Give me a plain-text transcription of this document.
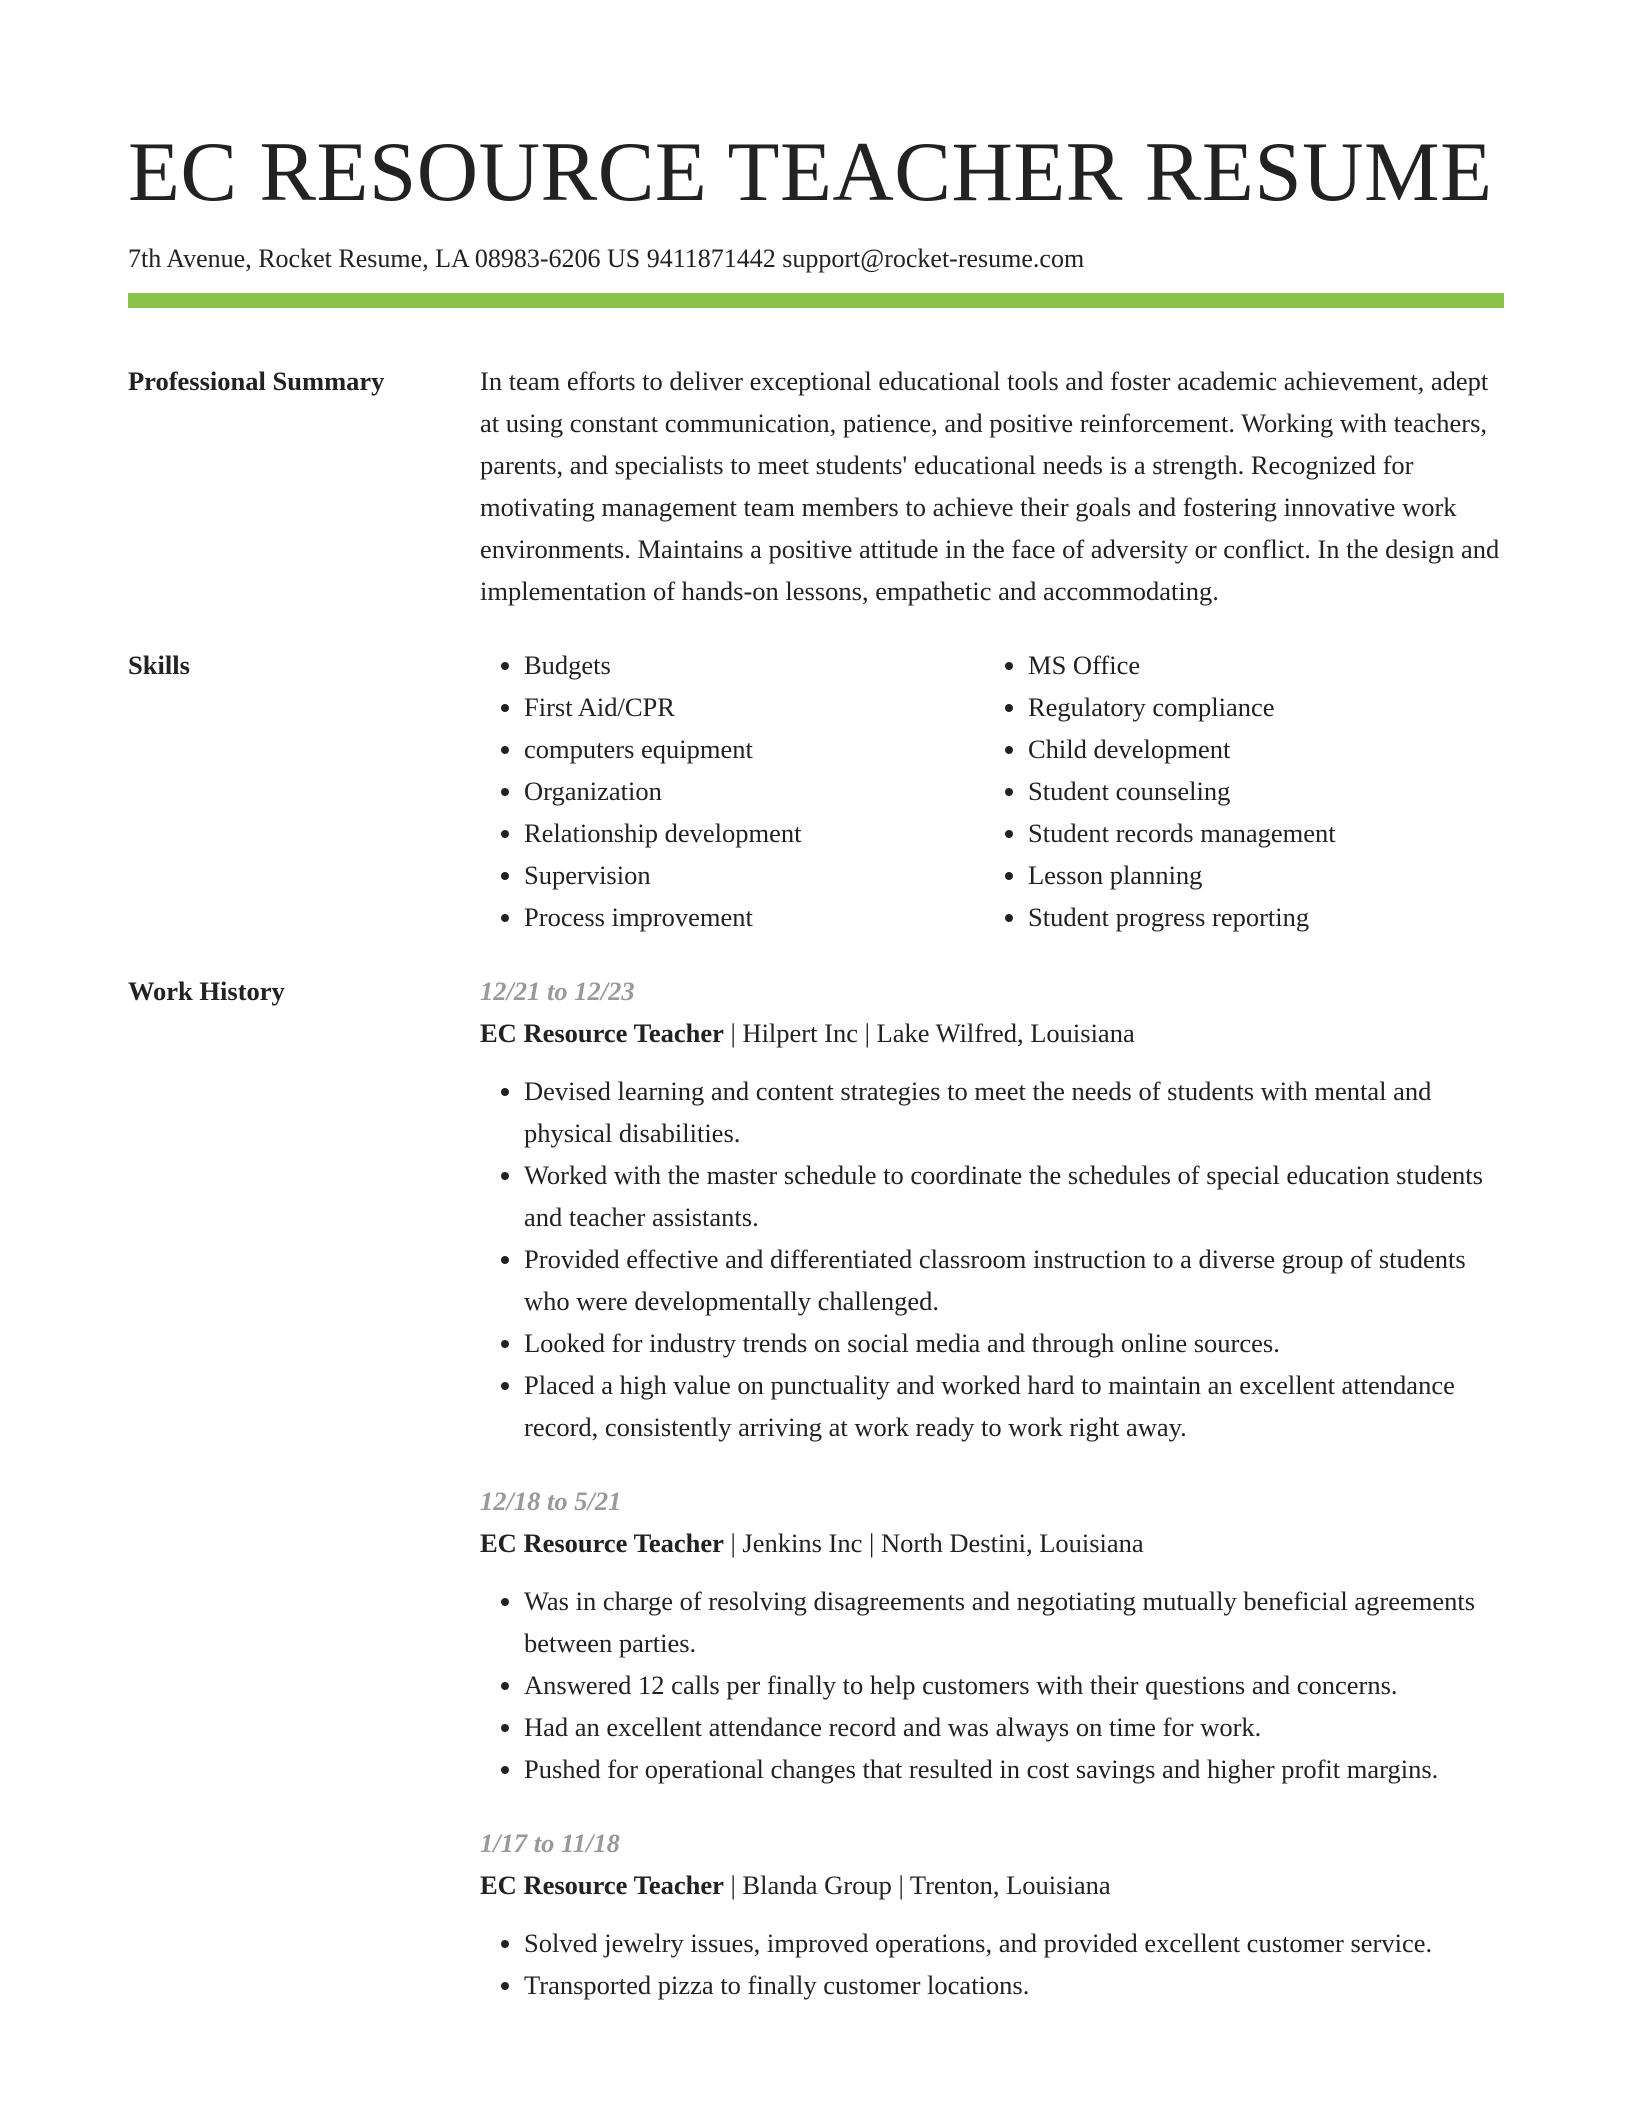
EC RESOURCE TEACHER RESUME
7th Avenue, Rocket Resume, LA 08983-6206 US 9411871442 support@rocket-resume.com
Professional Summary	In team efforts to deliver exceptional educational tools and foster academic achievement, adept at using constant communication, patience, and positive reinforcement. Working with teachers, parents, and specialists to meet students' educational needs is a strength. Recognized for motivating management team members to achieve their goals and fostering innovative work environments. Maintains a positive attitude in the face of adversity or conflict. In the design and implementation of hands-on lessons, empathetic and accommodating.

Skills
•	Budgets
• First Aid/CPR
• computers equipment
• Organization
• Relationship development
• Supervision
• Process improvement
• MS Office
• Regulatory compliance
• Child development
• Student counseling
• Student records management
• Lesson planning
• Student progress reporting
Work History	12/21 to 12/23
EC Resource Teacher | Hilpert Inc | Lake Wilfred, Louisiana
• Devised learning and content strategies to meet the needs of students with mental and physical disabilities.
• Worked with the master schedule to coordinate the schedules of special education students and teacher assistants.
• Provided effective and differentiated classroom instruction to a diverse group of students who were developmentally challenged.
• Looked for industry trends on social media and through online sources.
• Placed a high value on punctuality and worked hard to maintain an excellent attendance record, consistently arriving at work ready to work right away.
12/18 to 5/21
EC Resource Teacher | Jenkins Inc | North Destini, Louisiana
• Was in charge of resolving disagreements and negotiating mutually beneficial agreements between parties.
• Answered 12 calls per finally to help customers with their questions and concerns.
• Had an excellent attendance record and was always on time for work.
• Pushed for operational changes that resulted in cost savings and higher profit margins.
1/17 to 11/18
EC Resource Teacher | Blanda Group | Trenton, Louisiana
• Solved jewelry issues, improved operations, and provided excellent customer service.
• Transported pizza to finally customer locations.
